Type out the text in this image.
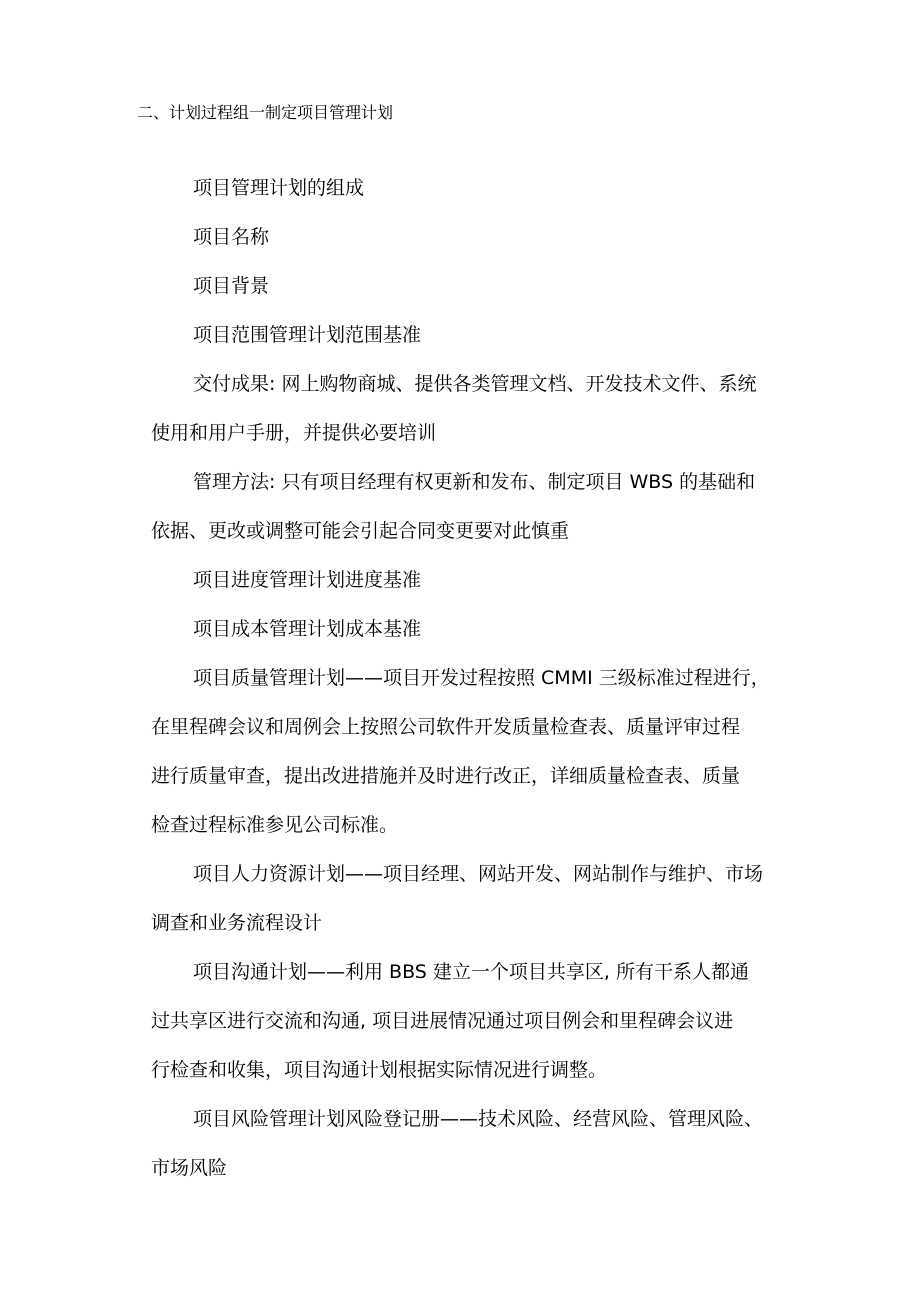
二、计划过程组一制定项目管理计划

项目管理计划的组成

项目名称

项目背景

项目范围管理计划范围基准

交付成果: 网上购物商城、提供各类管理文档、开发技术文件、系统
使用和用户手册，并提供必要培训

管理方法: 只有项目经理有权更新和发布、制定项目 WBS 的基础和
依据、更改或调整可能会引起合同变更要对此慎重

项目进度管理计划进度基准

项目成本管理计划成本基准

项目质量管理计划——项目开发过程按照 CMMI 三级标准过程进行，
在里程碑会议和周例会上按照公司软件开发质量检查表、质量评审过程
进行质量审查，提出改进措施并及时进行改正，详细质量检查表、质量
检查过程标准参见公司标准。

项目人力资源计划——项目经理、网站开发、网站制作与维护、市场
调查和业务流程设计

项目沟通计划——利用 BBS 建立一个项目共享区, 所有干系人都通
过共享区进行交流和沟通, 项目进展情况通过项目例会和里程碑会议进
行检查和收集，项目沟通计划根据实际情况进行调整。

项目风险管理计划风险登记册——技术风险、经营风险、管理风险、
市场风险
